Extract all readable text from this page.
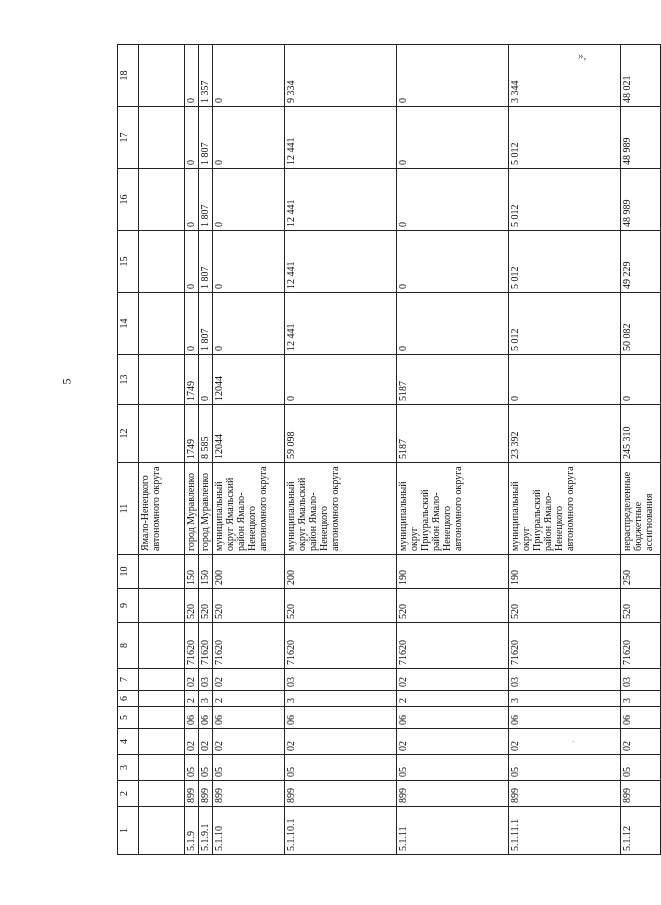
5
»,
-
1	2	3	4	5	6	7	8	9	10	11	12	13	14	15	16	17	18
										Ямало-Ненецкого автономного округа							
5.1.9	899	05	02	06	2	02	71620	520	150	город Муравленко	1749	1749	0	0	0	0	0
5.1.9.1	899	05	02	06	3	03	71620	520	150	город Муравленко	8 585	0	1 807	1 807	1 807	1 807	1 357
5.1.10	899	05	02	06	2	02	71620	520	200	муниципальный округ Ямальский район Ямало-Ненецкого автономного округа	12044	12044	0	0	0	0	0
5.1.10.1	899	05	02	06	3	03	71620	520	200	муниципальный округ Ямальский район Ямало-Ненецкого автономного округа	59 098	0	12 441	12 441	12 441	12 441	9 334
5.1.11	899	05	02	06	2	02	71620	520	190	муниципальный округ Приуральский район Ямало-Ненецкого автономного округа	5187	5187	0	0	0	0	0
5.1.11.1	899	05	02	06	3	03	71620	520	190	муниципальный округ Приуральский район Ямало-Ненецкого автономного округа	23 392	0	5 012	5 012	5 012	5 012	3 344
5.1.12	899	05	02	06	3	03	71620	520	250	нераспределенные бюджетные ассигнования	245 310	0	50 082	49 229	48 989	48 989	48 021
